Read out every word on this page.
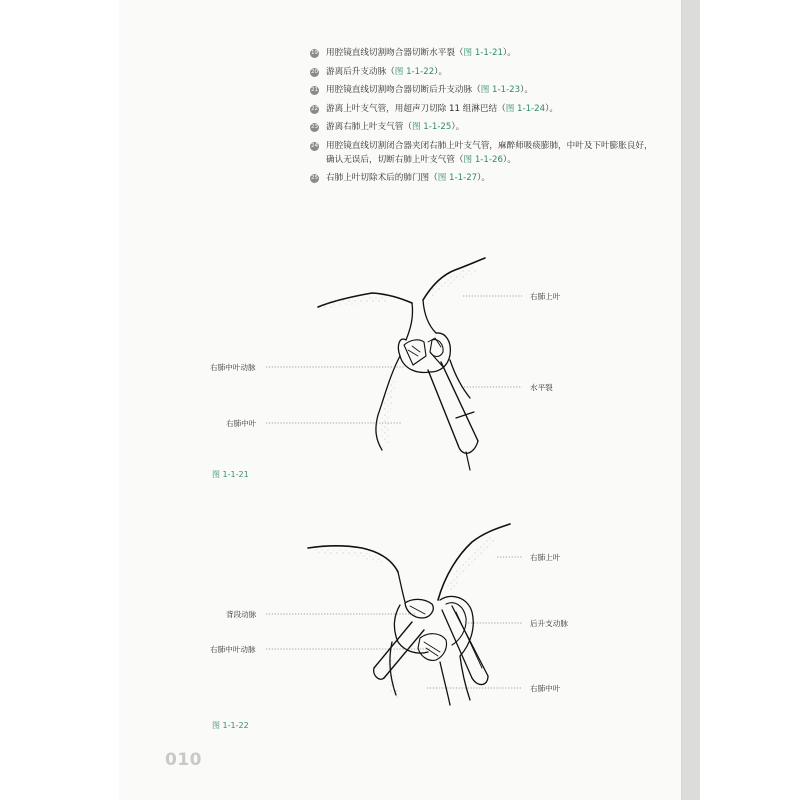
19 用腔镜直线切割吻合器切断水平裂（图 1-1-21）。
20 游离后升支动脉（图 1-1-22）。
21 用腔镜直线切割吻合器切断后升支动脉（图 1-1-23）。
22 游离上叶支气管，用超声刀切除 11 组淋巴结（图 1-1-24）。
23 游离右肺上叶支气管（图 1-1-25）。
24 用腔镜直线切割闭合器夹闭右肺上叶支气管，麻醉师吸痰膨肺，中叶及下叶膨胀良好，确认无误后，切断右肺上叶支气管（图 1-1-26）。
25 右肺上叶切除术后的肺门图（图 1-1-27）。
右肺上叶
右肺中叶动脉
水平裂
右肺中叶
图 1-1-21
右肺上叶
背段动脉
后升支动脉
右肺中叶动脉
右肺中叶
图 1-1-22
010
